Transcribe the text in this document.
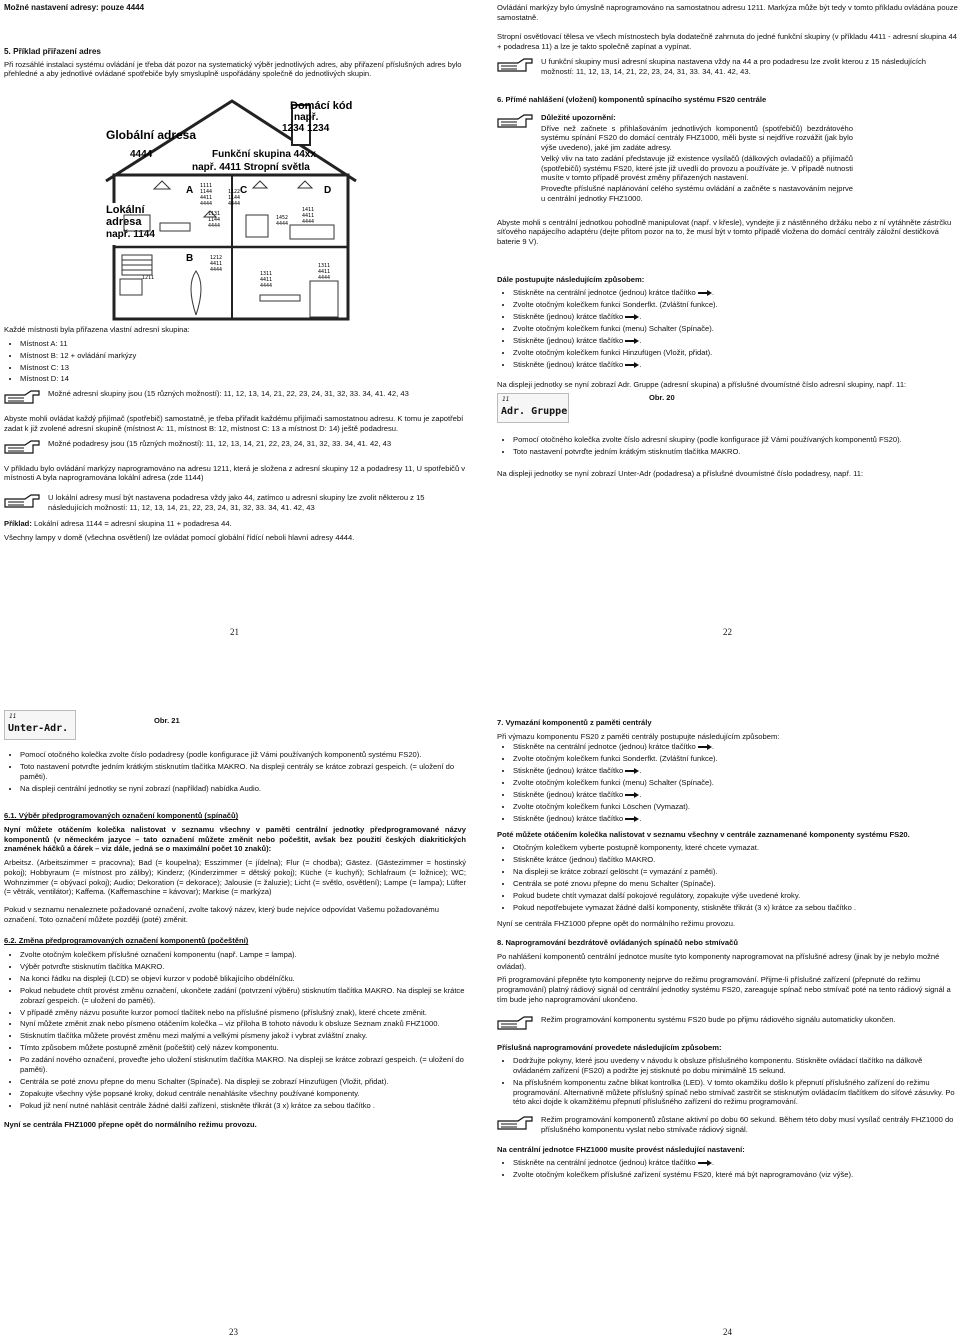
Možné nastavení adresy: pouze 4444

5. Příklad přiřazení adres

Při rozsáhlé instalaci systému ovládání je třeba dát pozor na systematický výběr jednotlivých adres, aby přiřazení příslušných adres bylo přehledné a aby jednotlivé ovládané spotřebiče byly smysluplně uspořádány společně do jednotlivých skupin.

Domácí kód
např.
1234 1234
Globální adresa
4444	Funkční skupina 44xx
např. 4411 Stropní světla
Lokální
adresa
např. 1144
A
B
C	D
1111
1144
4411
4444
1122
1144
4444
1131
1144
4444
1452
4444
1411
4411
4444
1211
1212
4411
4444
1311
4411
4444
1311
4411
4444

Každé místnosti byla přiřazena vlastní adresní skupina:

• Místnost A: 11
• Místnost B: 12 + ovládání markýzy
• Místnost C: 13
• Místnost D: 14
Možné adresní skupiny jsou (15 různých možností): 11, 12, 13, 14, 21, 22, 23, 24, 31, 32, 33. 34, 41. 42, 43

Abyste mohli ovládat každý přijímač (spotřebič) samostatně, je třeba přiřadit každému přijímači samostatnou adresu. K tomu je zapotřebí zadat k již zvolené adresní skupině (místnost A: 11, místnost B: 12, místnost C: 13 a místnost D: 14) ještě podadresu.

Možné podadresy jsou (15 různých možností): 11, 12, 13, 14, 21, 22, 23, 24, 31, 32, 33. 34, 41. 42, 43

V příkladu bylo ovládání markýzy naprogramováno na adresu 1211, která je složena z adresní skupiny 12 a podadresy 11, U spotřebičů v místnosti A byla naprogramována lokální adresa (zde 1144)

U lokální adresy musí být nastavena podadresa vždy jako 44, zatímco u adresní skupiny lze zvolit některou z 15 následujících možností: 11, 12, 13, 14, 21, 22, 23, 24, 31, 32, 33. 34, 41. 42, 43

Příklad: Lokální adresa 1144 = adresní skupina 11 + podadresa 44.

Všechny lampy v domě (všechna osvětlení) lze ovládat pomocí globální řídící neboli hlavní adresy 4444.

21

Ovládání markýzy bylo úmyslně naprogramováno na samostatnou adresu 1211. Markýza může být tedy v tomto příkladu ovládána pouze samostatně.

Stropní osvětlovací tělesa ve všech místnostech byla dodatečně zahrnuta do jedné funkční skupiny (v příkladu 4411 - adresní skupina 44 + podadresa 11) a lze je takto společně zapínat a vypínat.

U funkční skupiny musí adresní skupina nastavena vždy na 44 a pro podadresu lze zvolit kterou z 15 následujících možností: 11, 12, 13, 14, 21, 22, 23, 24, 31, 33. 34, 41. 42, 43.

6. Přímé nahlášení (vložení) komponentů spínacího systému FS20 centrále

Důležité upozornění:

Dříve než začnete s přihlašováním jednotlivých komponentů (spotřebičů) bezdrátového systému spínání FS20 do domácí centrály FHZ1000, měli byste si nejdříve rozvážit (jak bylo výše uvedeno), jaké jim zadáte adresy.

Velký vliv na tato zadání představuje již existence vysílačů (dálkových ovladačů) a přijímačů (spotřebičů) systému FS20, které jste již uvedli do provozu a používáte je. V případě nutnosti musíte v tomto případě provést změny přiřazených nastavení.

Proveďte příslušné naplánování celého systému ovládání a začněte s nastavováním nejprve u centrální jednotky FHZ1000.

Abyste mohli s centrální jednotkou pohodlně manipulovat (např. v křesle), vyndejte ji z nástěnného držáku nebo z ní vytáhněte zástrčku síťového napájecího adaptéru (dejte přitom pozor na to, že musí být v tomto případě vložena do domácí centrály záložní destičková baterie 9 V).

Dále postupujte následujícím způsobem:

• Stiskněte na centrální jednotce (jednou) krátce tlačítko .
• Zvolte otočným kolečkem funkci Sonderfkt. (Zvláštní funkce).
• Stiskněte (jednou) krátce tlačítko .
• Zvolte otočným kolečkem funkci (menu) Schalter (Spínače).
• Stiskněte (jednou) krátce tlačítko .
• Zvolte otočným kolečkem funkci Hinzufügen (Vložit, přidat).
• Stiskněte (jednou) krátce tlačítko .

Na displeji jednotky se nyní zobrazí Adr. Gruppe (adresní skupina) a příslušné dvoumístné číslo adresní skupiny, např. 11:

11
Adr. Gruppe
Obr. 20
• Pomocí otočného kolečka zvolte číslo adresní skupiny (podle konfigurace již Vámi používaných komponentů FS20).
• Toto nastavení potvrďte jedním krátkým stisknutím tlačítka MAKRO.

Na displeji jednotky se nyní zobrazí Unter-Adr (podadresa) a příslušné dvoumístné číslo podadresy, např. 11:

22
11
Unter-Adr.
Obr. 21
• Pomocí otočného kolečka zvolte číslo podadresy (podle konfigurace již Vámi používaných komponentů systému FS20).
• Toto nastavení potvrďte jedním krátkým stisknutím tlačítka MAKRO. Na displeji centrály se krátce zobrazí gespeich. (= uložení do paměti).
• Na displeji centrální jednotky se nyní zobrazí (například) nabídka Audio.

6.1. Výběr předprogramovaných označení komponentů (spínačů)

Nyní můžete otáčením kolečka nalistovat v seznamu všechny v paměti centrální jednotky předprogramované názvy komponentů (v německém jazyce – tato označení můžete změnit nebo počeštit, avšak bez použití českých diakritických znamének háčků a čárek – viz dále, jedná se o maximální počet 10 znaků):

Arbeitsz. (Arbeitszimmer = pracovna); Bad (= koupelna); Esszimmer (= jídelna); Flur (= chodba); Gästez. (Gästezimmer = hostinský pokoj); Hobbyraum (= místnost pro záliby); Kinderz; (Kinderzimmer = dětský pokoj); Küche (= kuchyň); Schlafraum (= ložnice); WC; Wohnzimmer (= obývací pokoj); Audio; Dekoration (= dekorace); Jalousie (= žaluzie); Licht (= světlo, osvětlení); Lampe (= lampa); Lüfter (= větrák, ventilátor); Kaffema. (Kaffemaschine = kávovar); Markise (= markýza)

Pokud v seznamu nenaleznete požadované označení, zvolte takový název, který bude nejvíce odpovídat Vašemu požadovanému označení. Toto označení můžete později (poté) změnit.

6.2. Změna předprogramovaných označení komponentů (počeštění)

• Zvolte otočným kolečkem příslušné označení komponentu (např. Lampe = lampa).
• Výběr potvrďte stisknutím tlačítka MAKRO.
• Na konci řádku na displeji (LCD) se objeví kurzor v podobě blikajícího obdélníčku.
• Pokud nebudete chtít provést změnu označení, ukončete zadání (potvrzení výběru) stisknutím tlačítka MAKRO. Na displeji se krátce zobrazí gespeich. (= uložení do paměti).
• V případě změny názvu posuňte kurzor pomocí tlačítek nebo na příslušné písmeno (příslušný znak), které chcete změnit.
• Nyní můžete změnit znak nebo písmeno otáčením kolečka – viz příloha B tohoto návodu k obsluze Seznam znaků FHZ1000.
• Stisknutím tlačítka můžete provést změnu mezi malými a velkými písmeny jakož i vybrat zvláštní znaky.
• Tímto způsobem můžete postupně změnit (počeštit) celý název komponentu.
• Po zadání nového označení, proveďte jeho uložení stisknutím tlačítka MAKRO. Na displeji se krátce zobrazí gespeich. (= uložení do paměti).
• Centrála se poté znovu přepne do menu Schalter (Spínače). Na displeji se zobrazí Hinzufügen (Vložit, přidat).
• Zopakujte všechny výše popsané kroky, dokud centrále nenahlásíte všechny používané komponenty.
• Pokud již není nutné nahlásit centrále žádné další zařízení, stiskněte třikrát (3 x) krátce za sebou tlačítko .

Nyní se centrála FHZ1000 přepne opět do normálního režimu provozu.

23

7. Vymazání komponentů z paměti centrály

Při výmazu komponentu FS20 z paměti centrály postupujte následujícím způsobem:

• Stiskněte na centrální jednotce (jednou) krátce tlačítko .
• Zvolte otočným kolečkem funkci Sonderfkt. (Zvláštní funkce).
• Stiskněte (jednou) krátce tlačítko .
• Zvolte otočným kolečkem funkci (menu) Schalter (Spínače).
• Stiskněte (jednou) krátce tlačítko .
• Zvolte otočným kolečkem funkci Löschen (Vymazat).
• Stiskněte (jednou) krátce tlačítko .

Poté můžete otáčením kolečka nalistovat v seznamu všechny v centrále zaznamenané komponenty systému FS20.

• Otočným kolečkem vyberte postupně komponenty, které chcete vymazat.
• Stiskněte krátce (jednou) tlačítko MAKRO.
• Na displeji se krátce zobrazí gelöscht (= vymazání z paměti).
• Centrála se poté znovu přepne do menu Schalter (Spínače).
• Pokud budete chtít vymazat další pokojové regulátory, zopakujte výše uvedené kroky.
• Pokud nepotřebujete vymazat žádné další komponenty, stiskněte třikrát (3 x) krátce za sebou tlačítko .

Nyní se centrála FHZ1000 přepne opět do normálního režimu provozu.

8. Naprogramování bezdrátově ovládaných spínačů nebo stmívačů

Po nahlášení komponentů centrální jednotce musíte tyto komponenty naprogramovat na příslušné adresy (jinak by je nebylo možné ovládat).

Při programování přepněte tyto komponenty nejprve do režimu programování. Přijme-li příslušné zařízení (přepnuté do režimu programování) platný rádiový signál od centrální jednotky systému FS20, zareaguje spínač nebo stmívač poté na tento rádiový signál a tím bude jeho naprogramování ukončeno.

Režim programování komponentu systému FS20 bude po přijmu rádiového signálu automaticky ukončen.

Příslušná naprogramování provedete následujícím způsobem:

• Dodržujte pokyny, které jsou uvedeny v návodu k obsluze příslušného komponentu. Stiskněte ovládací tlačítko na dálkově ovládaném zařízení (FS20) a podržte jej stisknuté po dobu minimálně 15 sekund.
• Na příslušném komponentu začne blikat kontrolka (LED). V tomto okamžiku došlo k přepnutí příslušného zařízení do režimu programování. Alternativně můžete příslušný spínač nebo stmívač zastrčit se stisknutým ovládacím tlačítkem do síťové zásuvky. Po této akci dojde k okamžitému přepnutí příslušného zařízení do režimu programování.
Režim programování komponentů zůstane aktivní po dobu 60 sekund. Během této doby musí vysílač centrály FHZ1000 do příslušného komponentu vyslat nebo stmívače rádiový signál.

Na centrální jednotce FHZ1000 musíte provést následující nastavení:

• Stiskněte na centrální jednotce (jednou) krátce tlačítko .
• Zvolte otočným kolečkem příslušné zařízení systému FS20, které má být naprogramováno (viz výše).
24
